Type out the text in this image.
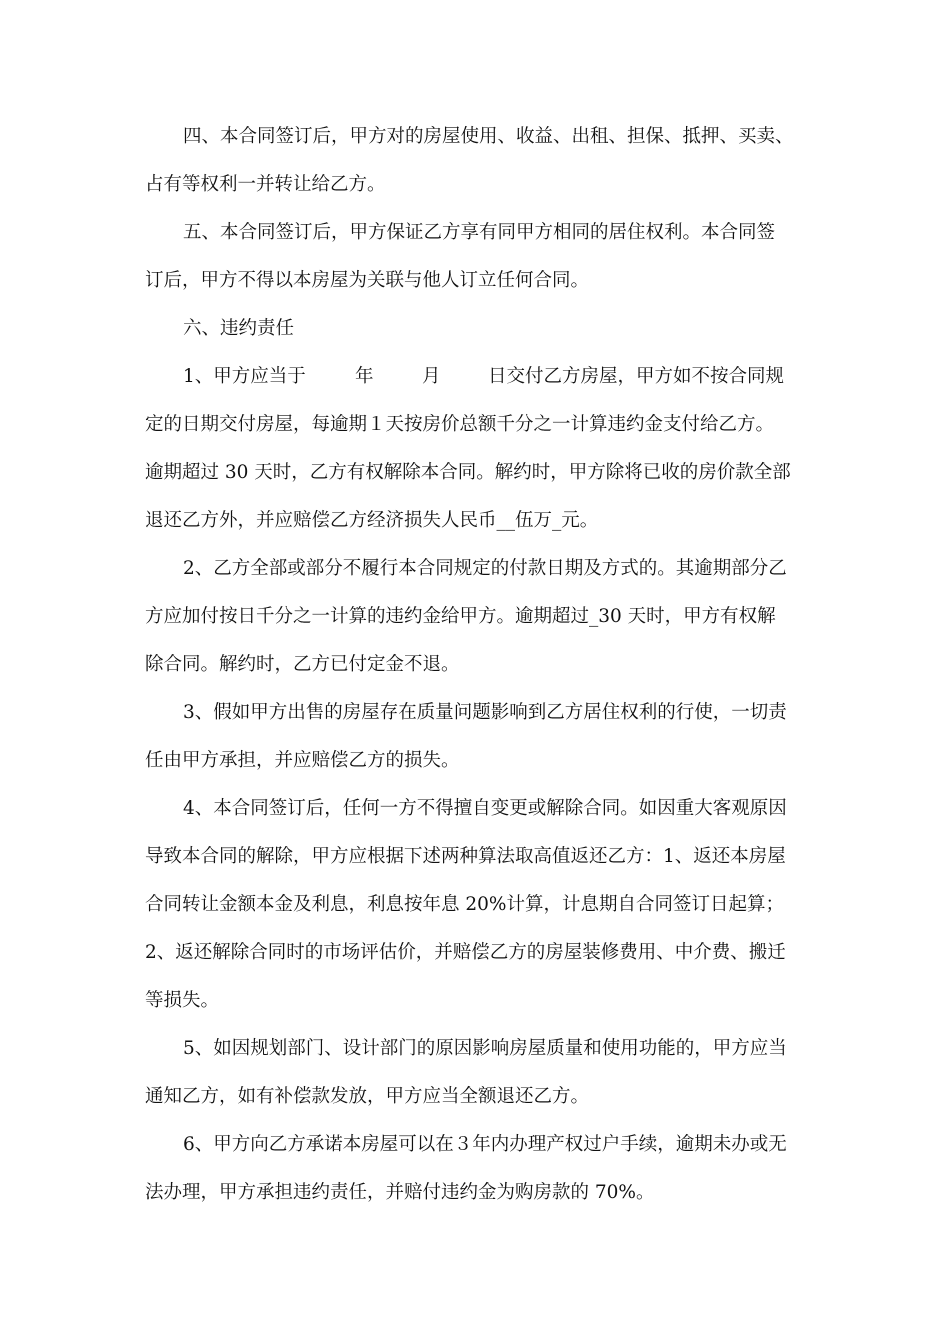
四、本合同签订后，甲方对的房屋使用、收益、出租、担保、抵押、买卖、
占有等权利一并转让给乙方。
五、本合同签订后，甲方保证乙方享有同甲方相同的居住权利。本合同签
订后，甲方不得以本房屋为关联与他人订立任何合同。
六、违约责任

1、甲方应当于

	年

	月

	日交付乙方房屋，甲方如不按合同规

定的日期交付房屋，每逾期１天按房价总额千分之一计算违约金支付给乙方。
逾期超过 30 天时，乙方有权解除本合同。解约时，甲方除将已收的房价款全部
退还乙方外，并应赔偿乙方经济损失人民币__伍万_元。
2、乙方全部或部分不履行本合同规定的付款日期及方式的。其逾期部分乙
方应加付按日千分之一计算的违约金给甲方。逾期超过_30 天时，甲方有权解
除合同。解约时，乙方已付定金不退。
3、假如甲方出售的房屋存在质量问题影响到乙方居住权利的行使，一切责
任由甲方承担，并应赔偿乙方的损失。
4、本合同签订后，任何一方不得擅自变更或解除合同。如因重大客观原因
导致本合同的解除，甲方应根据下述两种算法取高值返还乙方：1、返还本房屋
合同转让金额本金及利息，利息按年息 20%计算，计息期自合同签订日起算；
2、返还解除合同时的市场评估价，并赔偿乙方的房屋装修费用、中介费、搬迁
等损失。
5、如因规划部门、设计部门的原因影响房屋质量和使用功能的，甲方应当
通知乙方，如有补偿款发放，甲方应当全额退还乙方。
6、甲方向乙方承诺本房屋可以在３年内办理产权过户手续，逾期未办或无
法办理，甲方承担违约责任，并赔付违约金为购房款的 70%。
